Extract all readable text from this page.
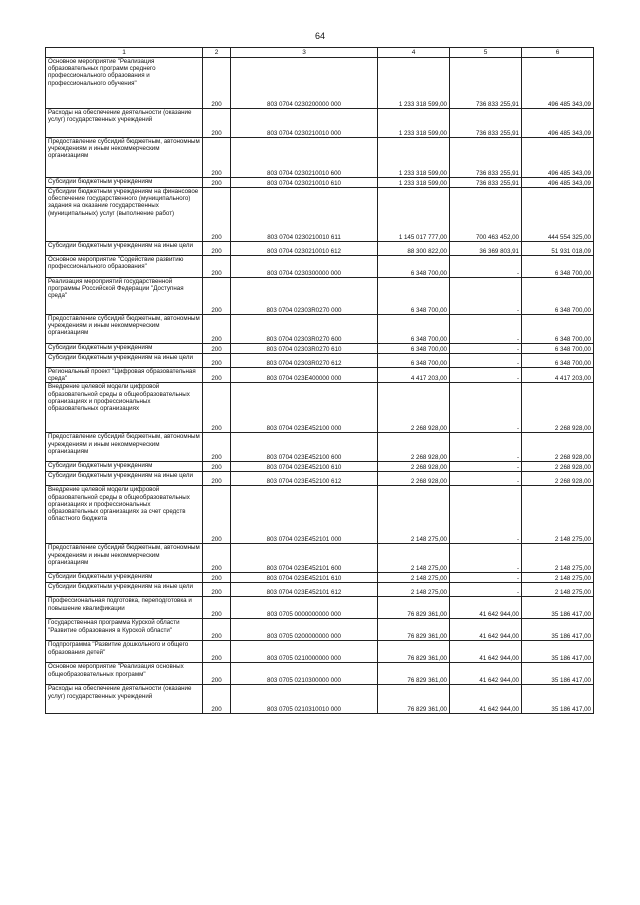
64
1	2	3	4	5	6
Основное мероприятие "Реализация образовательных программ среднего профессионального образования и профессионального обучения"	200	803 0704 0230200000 000	1 233 318 599,00	736 833 255,91	496 485 343,09
Расходы на обеспечение деятельности (оказание услуг) государственных учреждений	200	803 0704 0230210010 000	1 233 318 599,00	736 833 255,91	496 485 343,09
Предоставление субсидий бюджетным, автономным учреждениям и иным некоммерческим организациям	200	803 0704 0230210010 600	1 233 318 599,00	736 833 255,91	496 485 343,09
Субсидии бюджетным учреждениям	200	803 0704 0230210010 610	1 233 318 599,00	736 833 255,91	496 485 343,09
Субсидии бюджетным учреждениям на финансовое обеспечение государственного (муниципального) задания на оказание государственных (муниципальных) услуг (выполнение работ)	200	803 0704 0230210010 611	1 145 017 777,00	700 463 452,00	444 554 325,00
Субсидии бюджетным учреждениям на иные цели	200	803 0704 0230210010 612	88 300 822,00	36 369 803,91	51 931 018,09
Основное мероприятие "Содействие развитию профессионального образования"	200	803 0704 0230300000 000	6 348 700,00	-	6 348 700,00
Реализация мероприятий государственной программы Российской Федерации "Доступная среда"	200	803 0704 02303R0270 000	6 348 700,00	-	6 348 700,00
Предоставление субсидий бюджетным, автономным учреждениям и иным некоммерческим организациям	200	803 0704 02303R0270 600	6 348 700,00	-	6 348 700,00
Субсидии бюджетным учреждениям	200	803 0704 02303R0270 610	6 348 700,00	-	6 348 700,00
Субсидии бюджетным учреждениям на иные цели	200	803 0704 02303R0270 612	6 348 700,00	-	6 348 700,00
Региональный проект "Цифровая образовательная среда"	200	803 0704 023E400000 000	4 417 203,00	-	4 417 203,00
Внедрение целевой модели цифровой образовательной среды в общеобразовательных организациях и профессиональных образовательных организациях	200	803 0704 023E452100 000	2 268 928,00	-	2 268 928,00
Предоставление субсидий бюджетным, автономным учреждениям и иным некоммерческим организациям	200	803 0704 023E452100 600	2 268 928,00	-	2 268 928,00
Субсидии бюджетным учреждениям	200	803 0704 023E452100 610	2 268 928,00	-	2 268 928,00
Субсидии бюджетным учреждениям на иные цели	200	803 0704 023E452100 612	2 268 928,00	-	2 268 928,00
Внедрение целевой модели цифровой образовательной среды в общеобразовательных организациях и профессиональных образовательных организациях за счет средств областного бюджета	200	803 0704 023E452101 000	2 148 275,00	-	2 148 275,00
Предоставление субсидий бюджетным, автономным учреждениям и иным некоммерческим организациям	200	803 0704 023E452101 600	2 148 275,00	-	2 148 275,00
Субсидии бюджетным учреждениям	200	803 0704 023E452101 610	2 148 275,00	-	2 148 275,00
Субсидии бюджетным учреждениям на иные цели	200	803 0704 023E452101 612	2 148 275,00	-	2 148 275,00
Профессиональная подготовка, переподготовка и повышение квалификации	200	803 0705 0000000000 000	76 829 361,00	41 642 944,00	35 186 417,00
Государственная программа Курской области "Развитие образования в Курской области"	200	803 0705 0200000000 000	76 829 361,00	41 642 944,00	35 186 417,00
Подпрограмма "Развитие дошкольного и общего образования детей"	200	803 0705 0210000000 000	76 829 361,00	41 642 944,00	35 186 417,00
Основное мероприятие "Реализация основных общеобразовательных программ"	200	803 0705 0210300000 000	76 829 361,00	41 642 944,00	35 186 417,00
Расходы на обеспечение деятельности (оказание услуг) государственных учреждений	200	803 0705 0210310010 000	76 829 361,00	41 642 944,00	35 186 417,00
